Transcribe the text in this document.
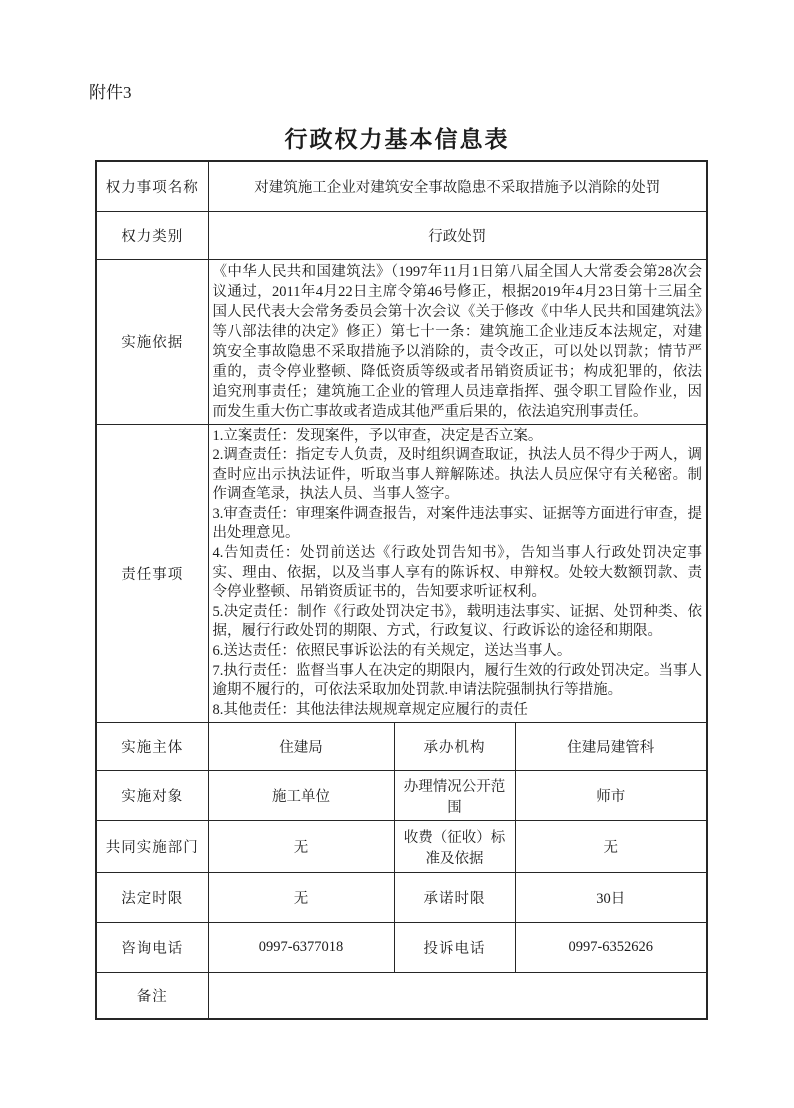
附件3
行政权力基本信息表
权力事项名称	对建筑施工企业对建筑安全事故隐患不采取措施予以消除的处罚		
权力类别	行政处罚		
实施依据	《中华人民共和国建筑法》（1997年11月1日第八届全国人大常委会第28次会议通过，2011年4月22日主席令第46号修正，根据2019年4月23日第十三届全国人民代表大会常务委员会第十次会议《关于修改《中华人民共和国建筑法》等八部法律的决定》修正）第七十一条：建筑施工企业违反本法规定，对建筑安全事故隐患不采取措施予以消除的，责令改正，可以处以罚款；情节严重的，责令停业整顿、降低资质等级或者吊销资质证书；构成犯罪的，依法追究刑事责任；建筑施工企业的管理人员违章指挥、强令职工冒险作业，因而发生重大伤亡事故或者造成其他严重后果的，依法追究刑事责任。		
责任事项	
1.立案责任：发现案件，予以审查，决定是否立案。
2.调查责任：指定专人负责，及时组织调查取证，执法人员不得少于两人，调查时应出示执法证件，听取当事人辩解陈述。执法人员应保守有关秘密。制作调查笔录，执法人员、当事人签字。
3.审查责任：审理案件调查报告，对案件违法事实、证据等方面进行审查，提出处理意见。
4.告知责任：处罚前送达《行政处罚告知书》，告知当事人行政处罚决定事实、理由、依据，以及当事人享有的陈诉权、申辩权。处较大数额罚款、责令停业整顿、吊销资质证书的，告知要求听证权利。
5.决定责任：制作《行政处罚决定书》，载明违法事实、证据、处罚种类、依据，履行行政处罚的期限、方式，行政复议、行政诉讼的途径和期限。
6.送达责任：依照民事诉讼法的有关规定，送达当事人。
7.执行责任：监督当事人在决定的期限内，履行生效的行政处罚决定。当事人逾期不履行的，可依法采取加处罚款.申请法院强制执行等措施。
8.其他责任：其他法律法规规章规定应履行的责任

实施主体	住建局	承办机构	住建局建管科
实施对象	施工单位	办理情况公开范围	师市
共同实施部门	无	收费（征收）标准及依据	无
法定时限	无	承诺时限	30日
咨询电话	0997-6377018	投诉电话	0997-6352626
备注			
